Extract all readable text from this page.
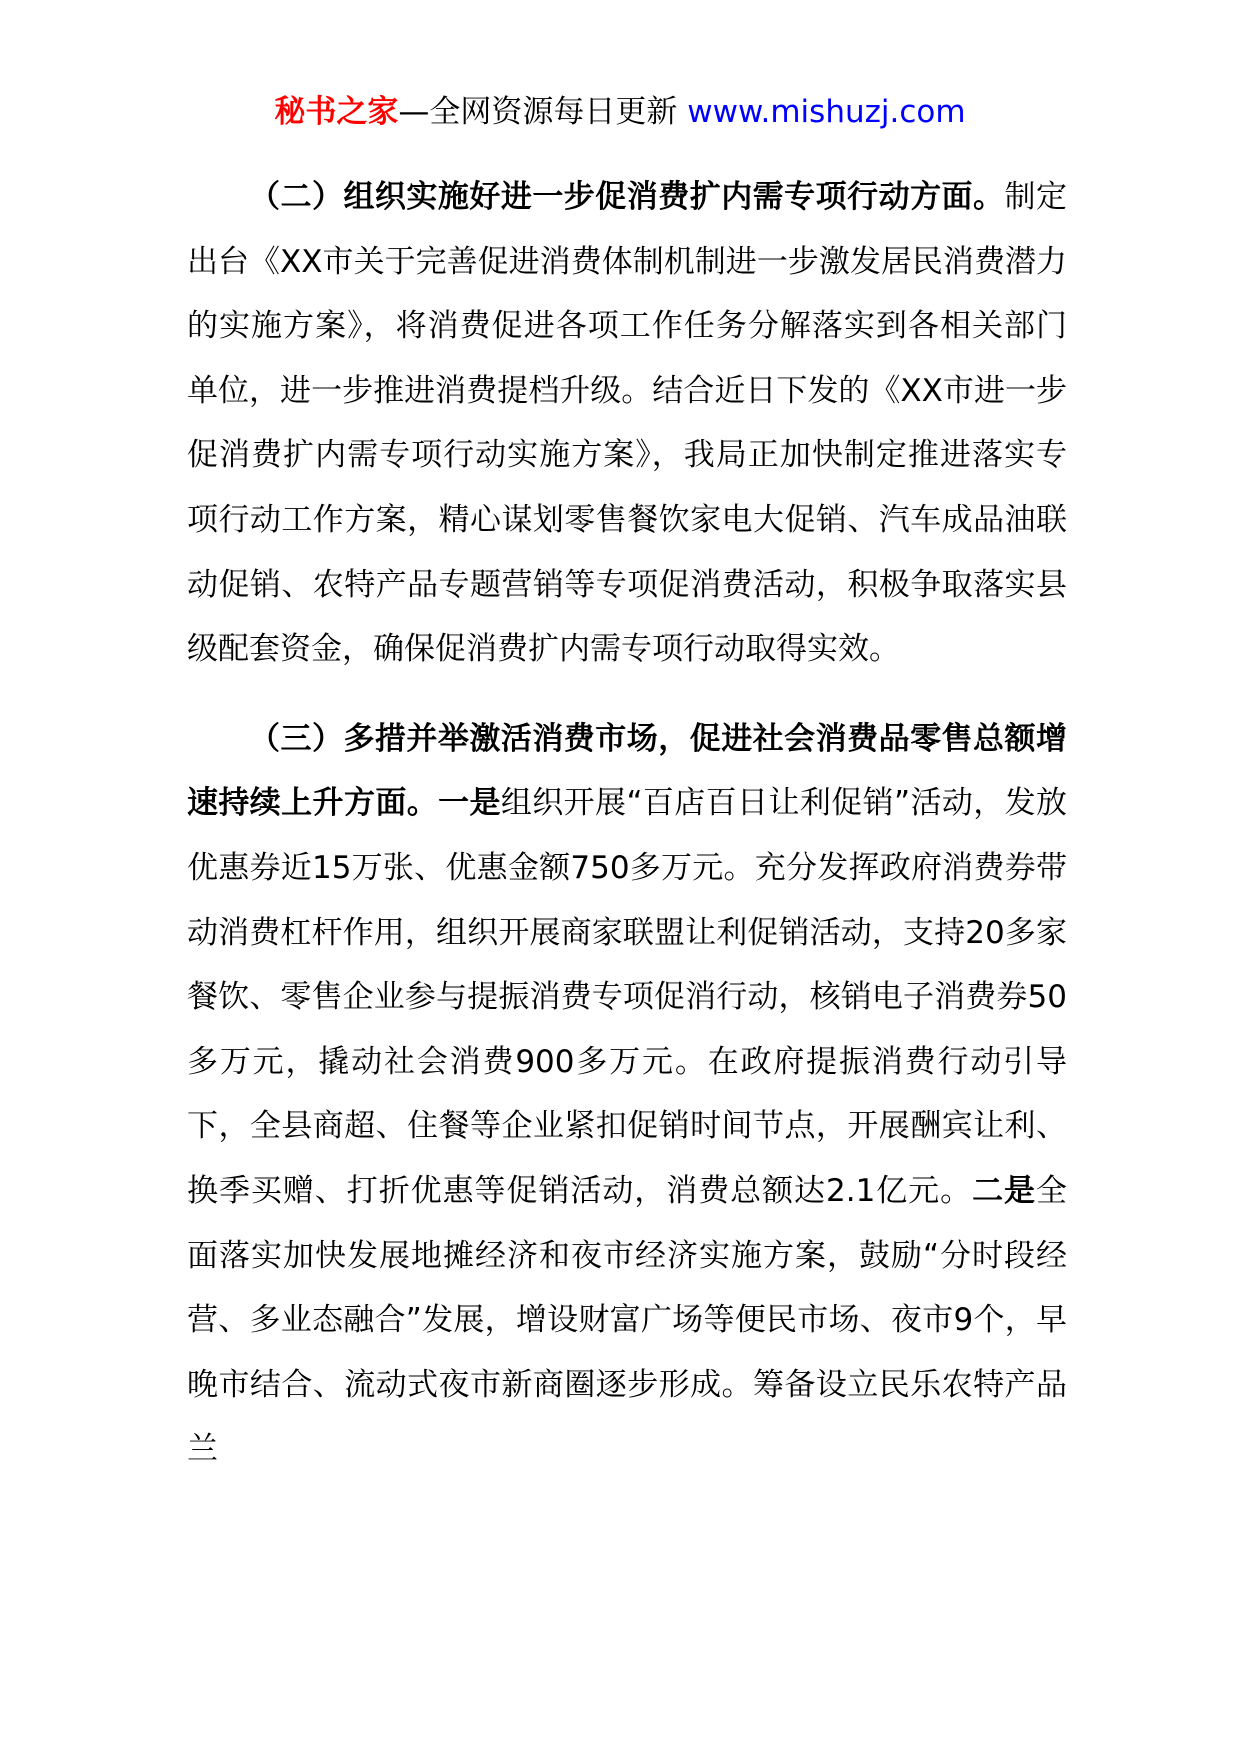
秘书之家—全网资源每日更新 www.mishuzj.com

（二）组织实施好进一步促消费扩内需专项行动方面。制定出台《XX市关于完善促进消费体制机制进一步激发居民消费潜力的实施方案》，将消费促进各项工作任务分解落实到各相关部门单位，进一步推进消费提档升级。结合近日下发的《XX市进一步促消费扩内需专项行动实施方案》，我局正加快制定推进落实专项行动工作方案，精心谋划零售餐饮家电大促销、汽车成品油联动促销、农特产品专题营销等专项促消费活动，积极争取落实县级配套资金，确保促消费扩内需专项行动取得实效。

（三）多措并举激活消费市场，促进社会消费品零售总额增速持续上升方面。一是组织开展“百店百日让利促销”活动，发放优惠券近15万张、优惠金额750多万元。充分发挥政府消费券带动消费杠杆作用，组织开展商家联盟让利促销活动，支持20多家餐饮、零售企业参与提振消费专项促消行动，核销电子消费券50多万元，撬动社会消费900多万元。在政府提振消费行动引导下，全县商超、住餐等企业紧扣促销时间节点，开展酬宾让利、换季买赠、打折优惠等促销活动，消费总额达2.1亿元。二是全面落实加快发展地摊经济和夜市经济实施方案，鼓励“分时段经营、多业态融合”发展，增设财富广场等便民市场、夜市9个，早晚市结合、流动式夜市新商圈逐步形成。筹备设立民乐农特产品兰
